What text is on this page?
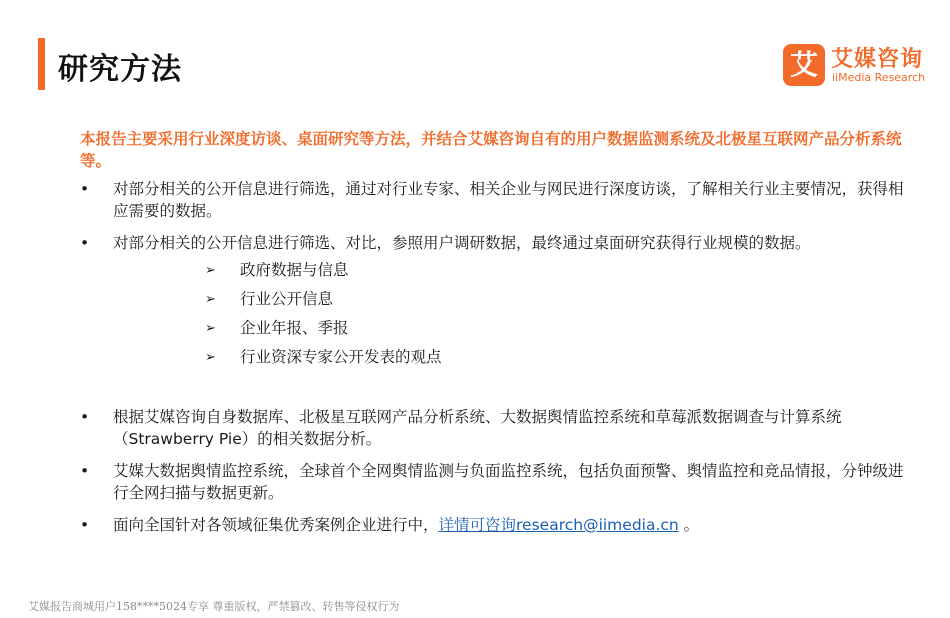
研究方法	艾 艾媒咨询
iiMedia Research

本报告主要采用行业深度访谈、桌面研究等方法，并结合艾媒咨询自有的用户数据监测系统及北极星互联网产品分析系统等。

•	对部分相关的公开信息进行筛选，通过对行业专家、相关企业与网民进行深度访谈，了解相关行业主要情况，获得相应需要的数据。
•	对部分相关的公开信息进行筛选、对比，参照用户调研数据，最终通过桌面研究获得行业规模的数据。
➢ 政府数据与信息
➢ 行业公开信息
➢ 企业年报、季报
➢ 行业资深专家公开发表的观点
•	根据艾媒咨询自身数据库、北极星互联网产品分析系统、大数据舆情监控系统和草莓派数据调查与计算系统（Strawberry Pie）的相关数据分析。
•	艾媒大数据舆情监控系统，全球首个全网舆情监测与负面监控系统，包括负面预警、舆情监控和竞品情报，分钟级进行全网扫描与数据更新。
•	面向全国针对各领域征集优秀案例企业进行中，详情可咨询research@iimedia.cn 。
艾媒报告商城用户158****5024专享 尊重版权，严禁篡改、转售等侵权行为
